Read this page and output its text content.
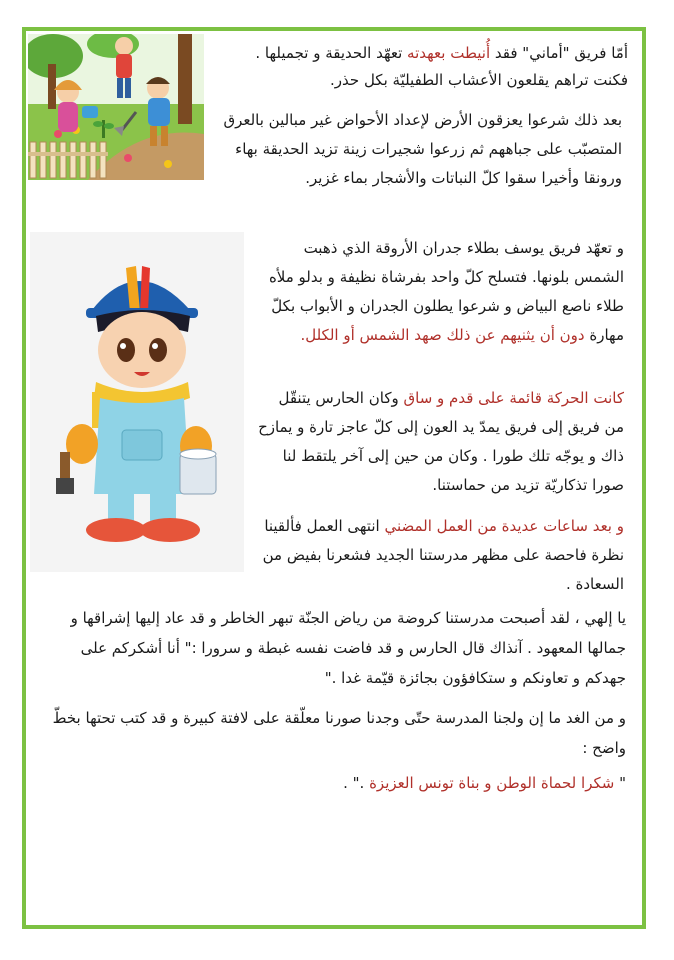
أمّا فريق "أماني" فقد أُنيطت بعهدته تعهّد الحديقة و تجميلها .

فكنت تراهم يقلعون الأعشاب الطفيليّة بكل حذر.

بعد ذلك شرعوا يعزقون الأرض لإعداد الأحواض غير مبالين بالعرق المتصبّب على جباههم ثم زرعوا شجيرات زينة تزيد الحديقة بهاء ورونقا وأخيرا سقوا كلّ النباتات والأشجار بماء غزير.

و تعهّد فريق يوسف بطلاء جدران الأروقة الذي ذهبت الشمس بلونها. فتسلح كلّ واحد بفرشاة نظيفة و بدلو ملأه طلاء ناصع البياض و شرعوا يطلون الجدران و الأبواب بكلّ مهارة دون أن يثنيهم عن ذلك صهد الشمس أو الكلل.

كانت الحركة قائمة على قدم و ساق وكان الحارس يتنقّل من فريق إلى فريق يمدّ يد العون إلى كلّ عاجز تارة و يمازح ذاك و يوجّه تلك طورا . وكان من حين إلى آخر يلتقط لنا صورا تذكاريّة تزيد من حماستنا.

و بعد ساعات عديدة من العمل المضني انتهى العمل فألقينا نظرة فاحصة على مظهر مدرستنا الجديد فشعرنا بفيض من السعادة .

يا إلهي ، لقد أصبحت مدرستنا كروضة من رياض الجنّة تبهر الخاطر و قد عاد إليها إشراقها و جمالها المعهود . آنذاك قال الحارس و قد فاضت نفسه غبطة و سرورا :" أنا أشكركم على جهدكم و تعاونكم و ستكافؤون بجائزة قيّمة غدا ."

و من الغد ما إن ولجنا المدرسة حتّى وجدنا صورنا معلّقة على لافتة كبيرة و قد كتب تحتها بخطّ واضح :

" شكرا لحماة الوطن و بناة تونس العزيزة ." .
